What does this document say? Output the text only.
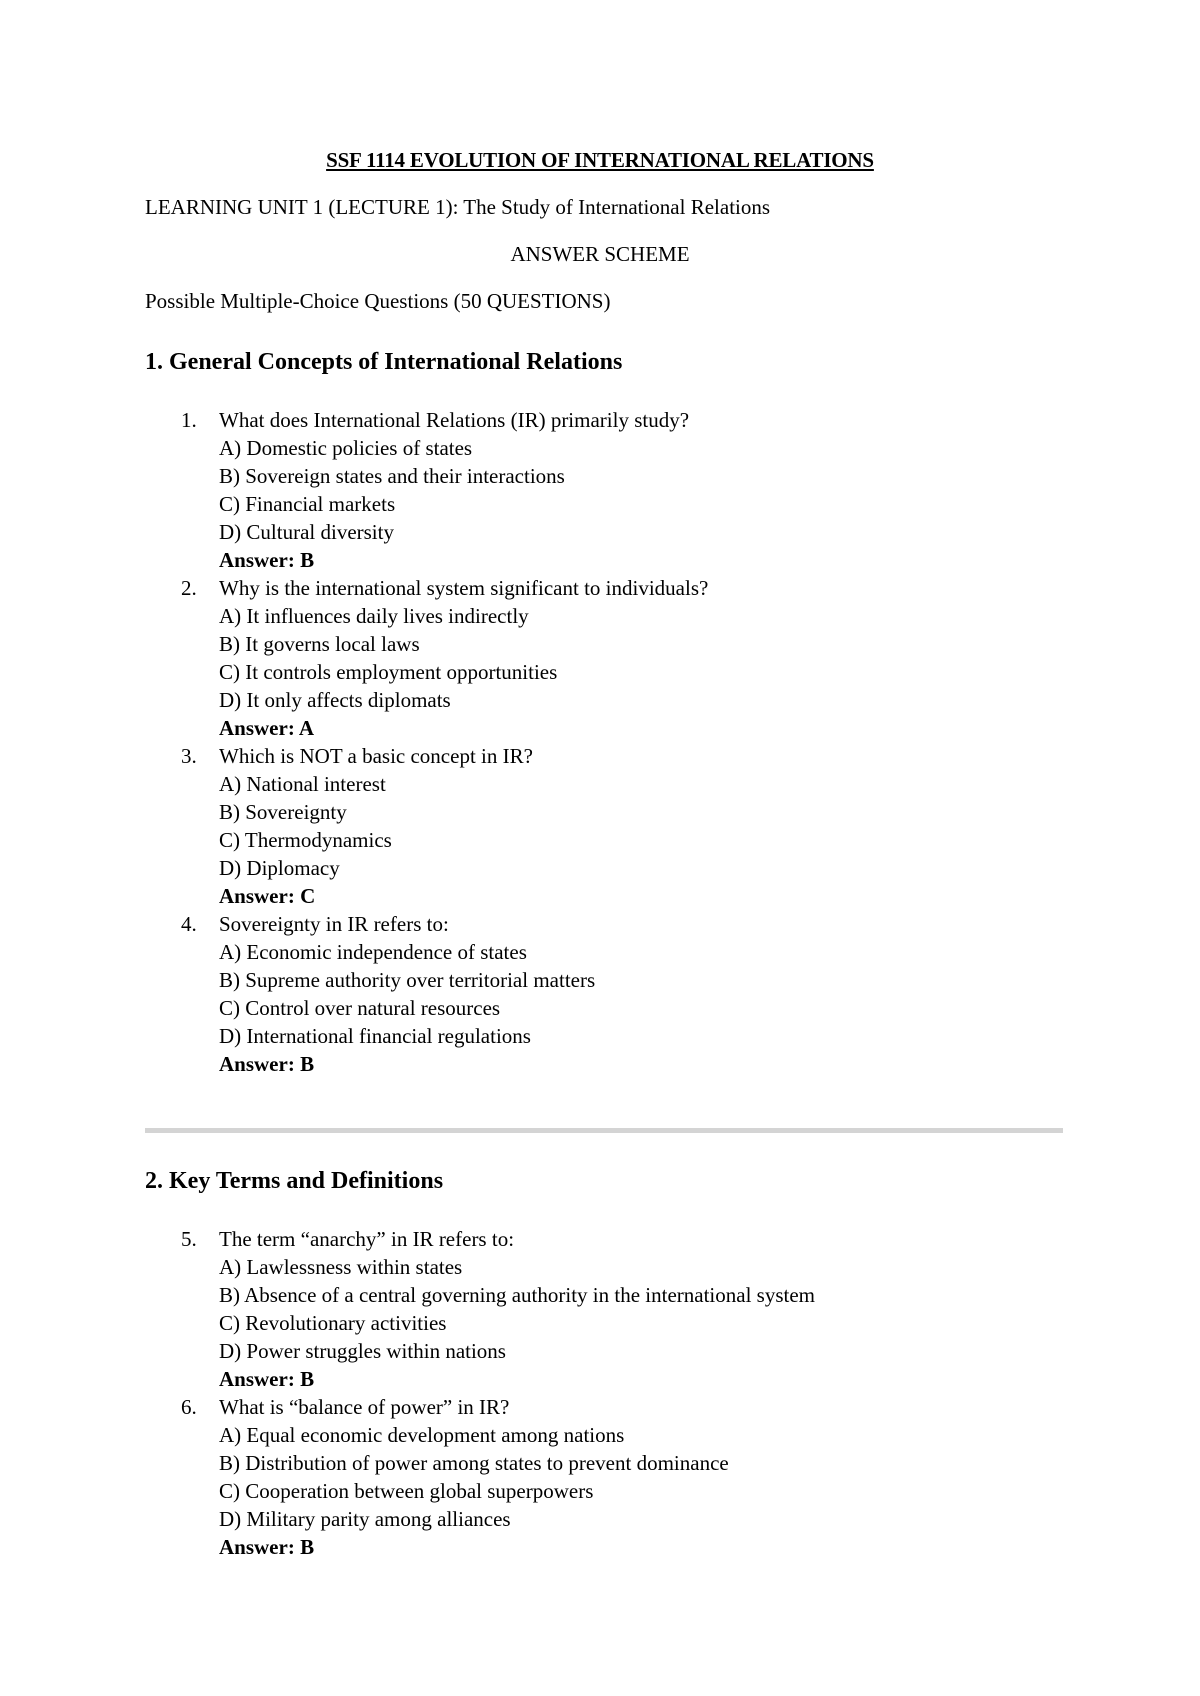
SSF 1114 EVOLUTION OF INTERNATIONAL RELATIONS
LEARNING UNIT 1 (LECTURE 1): The Study of International Relations
ANSWER SCHEME
Possible Multiple-Choice Questions (50 QUESTIONS)
1. General Concepts of International Relations
1. What does International Relations (IR) primarily study?
A) Domestic policies of states
B) Sovereign states and their interactions
C) Financial markets
D) Cultural diversity
Answer: B
2. Why is the international system significant to individuals?
A) It influences daily lives indirectly
B) It governs local laws
C) It controls employment opportunities
D) It only affects diplomats
Answer: A
3. Which is NOT a basic concept in IR?
A) National interest
B) Sovereignty
C) Thermodynamics
D) Diplomacy
Answer: C
4. Sovereignty in IR refers to:
A) Economic independence of states
B) Supreme authority over territorial matters
C) Control over natural resources
D) International financial regulations
Answer: B
2. Key Terms and Definitions
5. The term “anarchy” in IR refers to:
A) Lawlessness within states
B) Absence of a central governing authority in the international system
C) Revolutionary activities
D) Power struggles within nations
Answer: B
6. What is “balance of power” in IR?
A) Equal economic development among nations
B) Distribution of power among states to prevent dominance
C) Cooperation between global superpowers
D) Military parity among alliances
Answer: B
